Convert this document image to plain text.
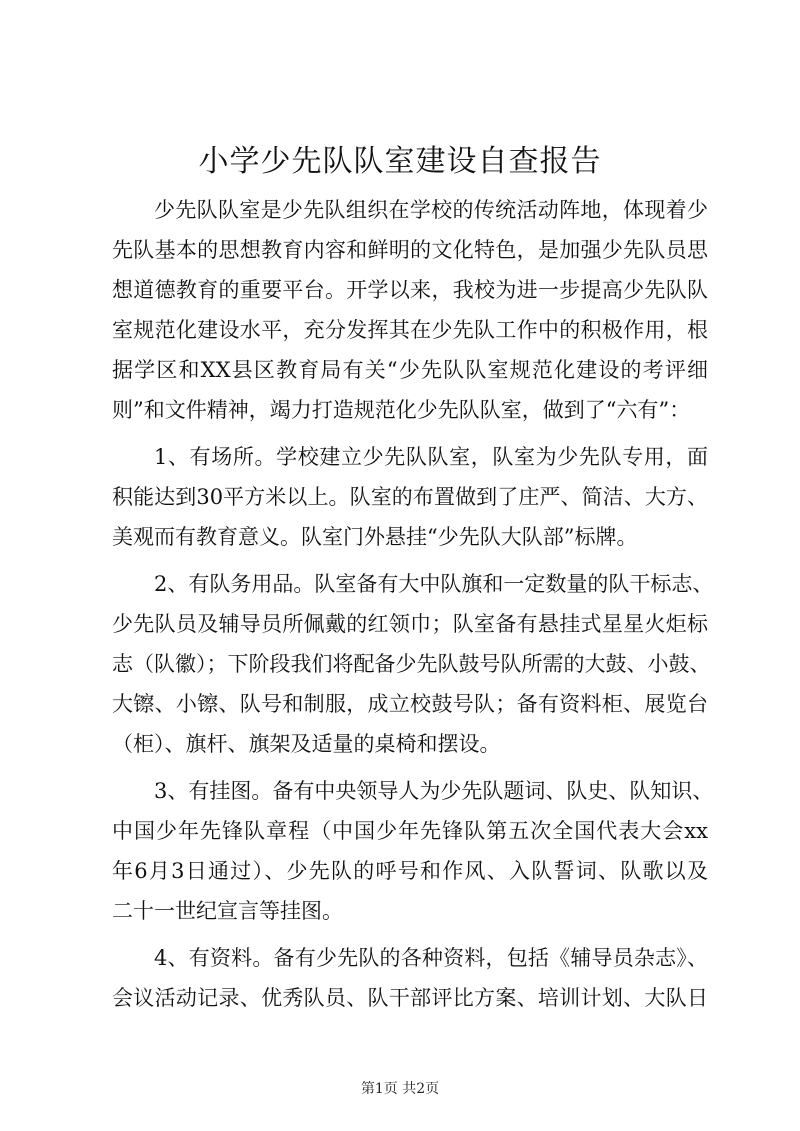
小学少先队队室建设自查报告
少先队队室是少先队组织在学校的传统活动阵地，体现着少
先队基本的思想教育内容和鲜明的文化特色，是加强少先队员思
想道德教育的重要平台。开学以来，我校为进一步提高少先队队
室规范化建设水平，充分发挥其在少先队工作中的积极作用，根
据学区和XX县区教育局有关“少先队队室规范化建设的考评细
则”和文件精神，竭力打造规范化少先队队室，做到了“六有”：
1、有场所。学校建立少先队队室，队室为少先队专用，面
积能达到30平方米以上。队室的布置做到了庄严、简洁、大方、
美观而有教育意义。队室门外悬挂“少先队大队部”标牌。
2、有队务用品。队室备有大中队旗和一定数量的队干标志、
少先队员及辅导员所佩戴的红领巾；队室备有悬挂式星星火炬标
志（队徽）；下阶段我们将配备少先队鼓号队所需的大鼓、小鼓、
大镲、小镲、队号和制服，成立校鼓号队；备有资料柜、展览台
（柜）、旗杆、旗架及适量的桌椅和摆设。
3、有挂图。备有中央领导人为少先队题词、队史、队知识、
中国少年先锋队章程（中国少年先锋队第五次全国代表大会xx
年6月3日通过）、少先队的呼号和作风、入队誓词、队歌以及
二十一世纪宣言等挂图。
4、有资料。备有少先队的各种资料，包括《辅导员杂志》、
会议活动记录、优秀队员、队干部评比方案、培训计划、大队日
第1页 共2页
